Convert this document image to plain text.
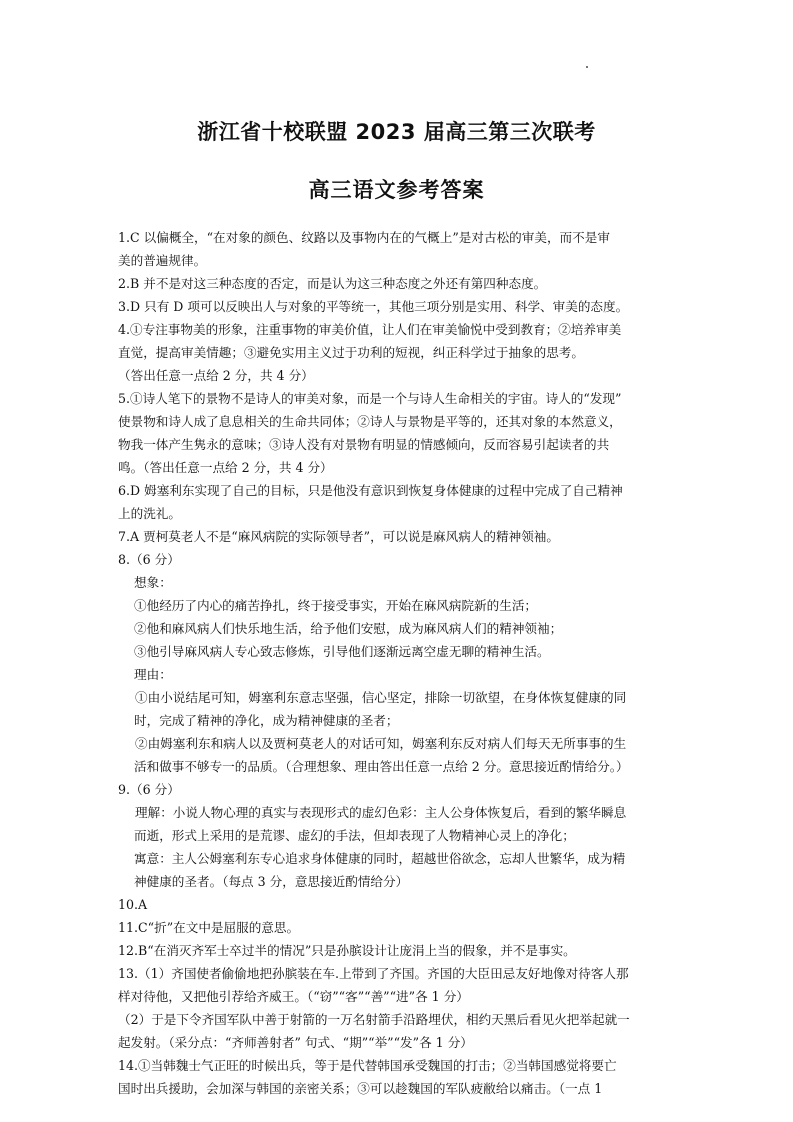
浙江省十校联盟 2023 届高三第三次联考
高三语文参考答案
1.C 以偏概全，“在对象的颜色、纹路以及事物内在的气概上”是对古松的审美，而不是审
美的普遍规律。
2.B 并不是对这三种态度的否定，而是认为这三种态度之外还有第四种态度。
3.D 只有 D 项可以反映出人与对象的平等统一，其他三项分别是实用、科学、审美的态度。
4.①专注事物美的形象，注重事物的审美价值，让人们在审美愉悦中受到教育；②培养审美
直觉，提高审美情趣；③避免实用主义过于功利的短视，纠正科学过于抽象的思考。
（答出任意一点给 2 分，共 4 分）
5.①诗人笔下的景物不是诗人的审美对象，而是一个与诗人生命相关的宇宙。诗人的“发现”
使景物和诗人成了息息相关的生命共同体；②诗人与景物是平等的，还其对象的本然意义，
物我一体产生隽永的意味；③诗人没有对景物有明显的情感倾向，反而容易引起读者的共
鸣。（答出任意一点给 2 分，共 4 分）
6.D 姆塞利东实现了自己的目标，只是他没有意识到恢复身体健康的过程中完成了自己精神
上的洗礼。
7.A 贾柯莫老人不是“麻风病院的实际领导者”，可以说是麻风病人的精神领袖。
8.（6 分）
想象：
①他经历了内心的痛苦挣扎，终于接受事实，开始在麻风病院新的生活；
②他和麻风病人们快乐地生活，给予他们安慰，成为麻风病人们的精神领袖；
③他引导麻风病人专心致志修炼，引导他们逐渐远离空虚无聊的精神生活。
理由：
①由小说结尾可知，姆塞利东意志坚强，信心坚定，排除一切欲望，在身体恢复健康的同
时，完成了精神的净化，成为精神健康的圣者；
②由姆塞利东和病人以及贾柯莫老人的对话可知，姆塞利东反对病人们每天无所事事的生
活和做事不够专一的品质。（合理想象、理由答出任意一点给 2 分。意思接近酌情给分。）
9.（6 分）
理解：小说人物心理的真实与表现形式的虚幻色彩：主人公身体恢复后，看到的繁华瞬息
而逝，形式上采用的是荒谬、虚幻的手法，但却表现了人物精神心灵上的净化；
寓意：主人公姆塞利东专心追求身体健康的同时，超越世俗欲念，忘却人世繁华，成为精
神健康的圣者。（每点 3 分，意思接近酌情给分）
10.A
11.C“折”在文中是屈服的意思。
12.B“在消灭齐军士卒过半的情况”只是孙膑设计让庞涓上当的假象，并不是事实。
13.（1）齐国使者偷偷地把孙膑装在车.上带到了齐国。齐国的大臣田忌友好地像对待客人那
样对待他，又把他引荐给齐威王。（“窃”“客”“善”“进”各 1 分）
（2）于是下令齐国军队中善于射箭的一万名射箭手沿路埋伏，相约天黑后看见火把举起就一
起发射。（采分点：“齐师善射者” 句式、“期”“举”“发”各 1 分）
14.①当韩魏士气正旺的时候出兵，等于是代替韩国承受魏国的打击；②当韩国感觉将要亡
国时出兵援助，会加深与韩国的亲密关系；③可以趁魏国的军队疲敝给以痛击。（一点 1
